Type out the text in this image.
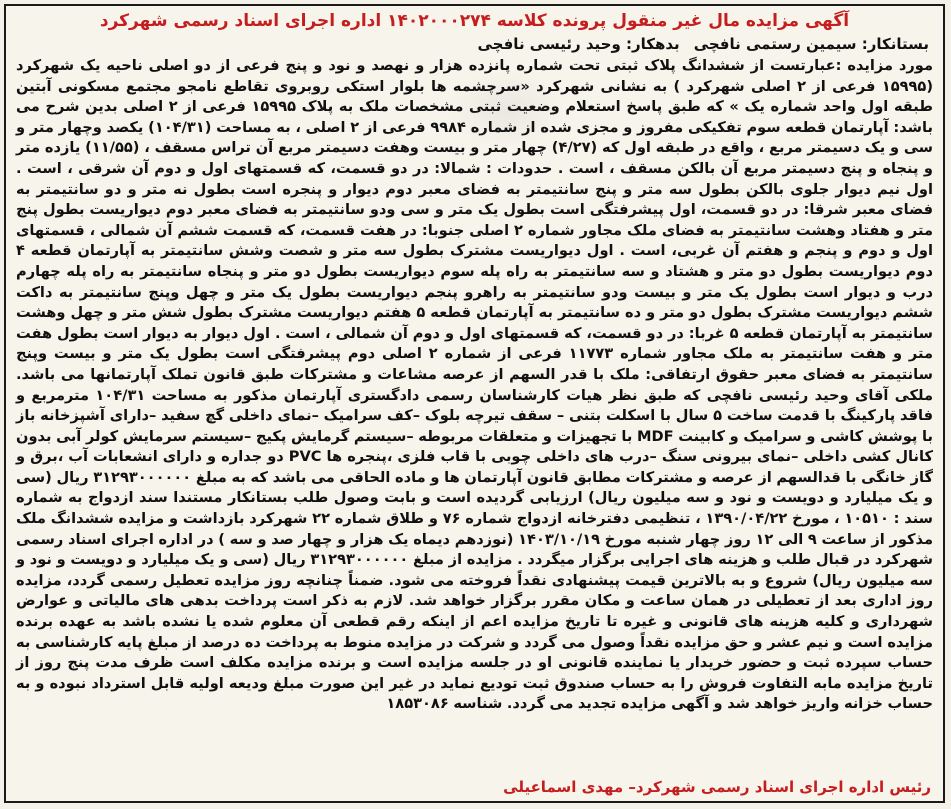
آگهی مزایده مال غیر منقول پرونده کلاسه ۱۴۰۲۰۰۰۲۷۴ اداره اجرای اسناد رسمی شهرکرد
بستانکار: سیمین رستمی نافچی
بدهکار: وحید رئیسی نافچی
مورد مزایده :عبارتست از ششدانگ پلاک ثبتی تحت شماره پانزده هزار و نهصد و نود و پنج فرعی از دو اصلی ناحیه یک شهرکرد (۱۵۹۹۵ فرعی از ۲ اصلی شهرکرد ) به نشانی شهرکرد «سرچشمه ها بلوار استکی روبروی تقاطع نامجو مجتمع مسکونی آبتین طبقه اول واحد شماره یک » که طبق پاسخ استعلام وضعیت ثبتی مشخصات ملک به پلاک ۱۵۹۹۵ فرعی از ۲ اصلی بدین شرح می باشد: آپارتمان قطعه سوم تفکیکی مفروز و مجزی شده از شماره ۹۹۸۴ فرعی از ۲ اصلی ، به مساحت (۱۰۴/۳۱) یکصد وچهار متر و سی و یک دسیمتر مربع ، واقع در طبقه اول که (۴/۲۷) چهار متر و بیست وهفت دسیمتر مربع آن تراس مسقف ، (۱۱/۵۵) یازده متر و پنجاه و پنج دسیمتر مربع آن بالکن مسقف ، است . حدودات : شمالا: در دو قسمت، که قسمتهای اول و دوم آن شرقی ، است . اول نیم دیوار جلوی بالکن بطول سه متر و پنج سانتیمتر به فضای معبر دوم دیوار و پنجره است بطول نه متر و دو سانتیمتر به فضای معبر شرقا: در دو قسمت، اول پیشرفتگی است بطول یک متر و سی ودو سانتیمتر به فضای معبر دوم دیواریست بطول پنج متر و هفتاد وهشت سانتیمتر به فضای ملک مجاور شماره ۲ اصلی جنوبا: در هفت قسمت، که قسمت ششم آن شمالی ، قسمتهای اول و دوم و پنجم و هفتم آن غربی، است . اول دیواریست مشترک بطول سه متر و شصت وشش سانتیمتر به آپارتمان قطعه ۴ دوم دیواریست بطول دو متر و هشتاد و سه سانتیمتر به راه پله سوم دیواریست بطول دو متر و پنجاه سانتیمتر به راه پله چهارم درب و دیوار است بطول یک متر و بیست ودو سانتیمتر به راهرو پنجم دیواریست بطول یک متر و چهل وپنج سانتیمتر به داکت ششم دیواریست مشترک بطول دو متر و ده سانتیمتر به آپارتمان قطعه ۵ هفتم دیواریست مشترک بطول شش متر و چهل وهشت سانتیمتر به آپارتمان قطعه ۵ غربا: در دو قسمت، که قسمتهای اول و دوم آن شمالی ، است . اول دیوار به دیوار است بطول هفت متر و هفت سانتیمتر به ملک مجاور شماره ۱۱۷۷۳ فرعی از شماره ۲ اصلی دوم پیشرفتگی است بطول یک متر و بیست وپنج سانتیمتر به فضای معبر حقوق ارتفاقی: ملک با قدر السهم از عرصه مشاعات و مشترکات طبق قانون تملک آپارتمانها می باشد. ملکی آقای وحید رئیسی نافچی که طبق نظر هیات کارشناسان رسمی دادگستری آپارتمان مذکور به مساحت ۱۰۴/۳۱ مترمربع و فاقد پارکینگ با قدمت ساخت ۵ سال با اسکلت بتنی – سقف تیرچه بلوک –کف سرامیک –نمای داخلی گچ سفید –دارای آشپزخانه باز با پوشش کاشی و سرامیک و کابینت MDF با تجهیزات و متعلقات مربوطه –سیستم گرمایش پکیج –سیستم سرمایش کولر آبی بدون کانال کشی داخلی –نمای بیرونی سنگ –درب های داخلی چوبی با قاب فلزی ،پنجره ها PVC دو جداره و دارای انشعابات آب ،برق و گاز خانگی با قدالسهم از عرصه و مشترکات مطابق قانون آپارتمان ها و ماده الحاقی می باشد که به مبلغ ۳۱۲۹۳۰۰۰۰۰۰ ریال (سی و یک میلیارد و دویست و نود و سه میلیون ریال) ارزیابی گردیده است و بابت وصول طلب بستانکار مستندا سند ازدواج به شماره سند : ۱۰۵۱۰ ، مورخ ۱۳۹۰/۰۴/۲۲ ، تنظیمی دفترخانه ازدواج شماره ۷۶ و طلاق شماره ۲۲ شهرکرد بازداشت و مزایده ششدانگ ملک مذکور از ساعت ۹ الی ۱۲ روز چهار شنبه مورخ ۱۴۰۳/۱۰/۱۹ (نوزدهم دیماه یک هزار و چهار صد و سه ) در اداره اجرای اسناد رسمی شهرکرد در قبال طلب و هزینه های اجرایی برگزار میگردد . مزایده از مبلغ ۳۱۲۹۳۰۰۰۰۰۰ ریال (سی و یک میلیارد و دویست و نود و سه میلیون ریال) شروع و به بالاترین قیمت پیشنهادی نقداً فروخته می شود. ضمناً چنانچه روز مزایده تعطیل رسمی گردد، مزایده روز اداری بعد از تعطیلی در همان ساعت و مکان مقرر برگزار خواهد شد. لازم به ذکر است پرداخت بدهی های مالیاتی و عوارض شهرداری و کلیه هزینه های قانونی و غیره تا تاریخ مزایده اعم از اینکه رقم قطعی آن معلوم شده یا نشده باشد به عهده برنده مزایده است و نیم عشر و حق مزایده نقداً وصول می گردد و شرکت در مزایده منوط به پرداخت ده درصد از مبلغ پایه کارشناسی به حساب سپرده ثبت و حضور خریدار یا نماینده قانونی او در جلسه مزایده است و برنده مزایده مکلف است ظرف مدت پنج روز از تاریخ مزایده مابه التفاوت فروش را به حساب صندوق ثبت تودیع نماید در غیر این صورت مبلغ ودیعه اولیه قابل استرداد نبوده و به حساب خزانه واریز خواهد شد و آگهی مزایده تجدید می گردد. شناسه ۱۸۵۳۰۸۶
رئیس اداره اجرای اسناد رسمی شهرکرد– مهدی اسماعیلی
